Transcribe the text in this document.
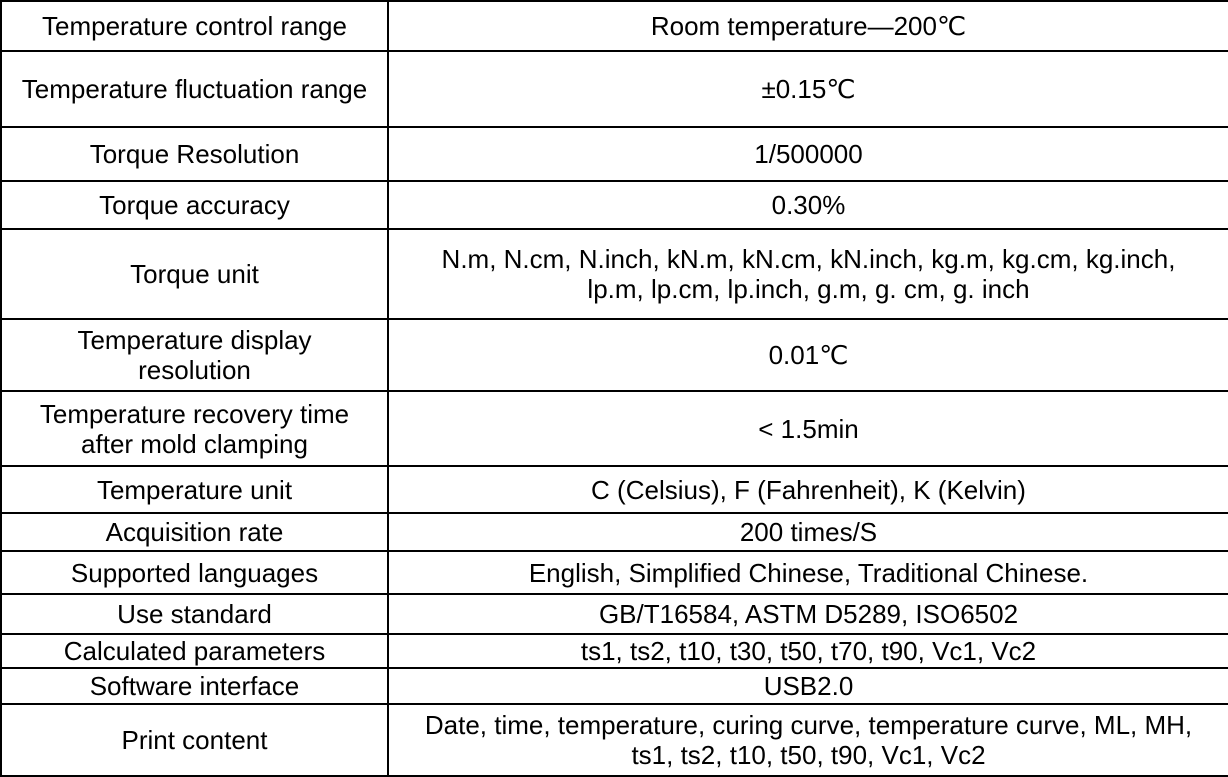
Temperature control range	Room temperature—200℃
Temperature fluctuation range	±0.15℃
Torque Resolution	1/500000
Torque accuracy	0.30%
Torque unit	N.m, N.cm, N.inch, kN.m, kN.cm, kN.inch, kg.m, kg.cm, kg.inch,
lp.m, lp.cm, lp.inch, g.m, g. cm, g. inch
Temperature display
resolution	0.01℃
Temperature recovery time
after mold clamping	< 1.5min
Temperature unit	C (Celsius), F (Fahrenheit), K (Kelvin)
Acquisition rate	200 times/S
Supported languages	English, Simplified Chinese, Traditional Chinese.
Use standard	GB/T16584, ASTM D5289, ISO6502
Calculated parameters	ts1, ts2, t10, t30, t50, t70, t90, Vc1, Vc2
Software interface	USB2.0
Print content	Date, time, temperature, curing curve, temperature curve, ML, MH,
ts1, ts2, t10, t50, t90, Vc1, Vc2
